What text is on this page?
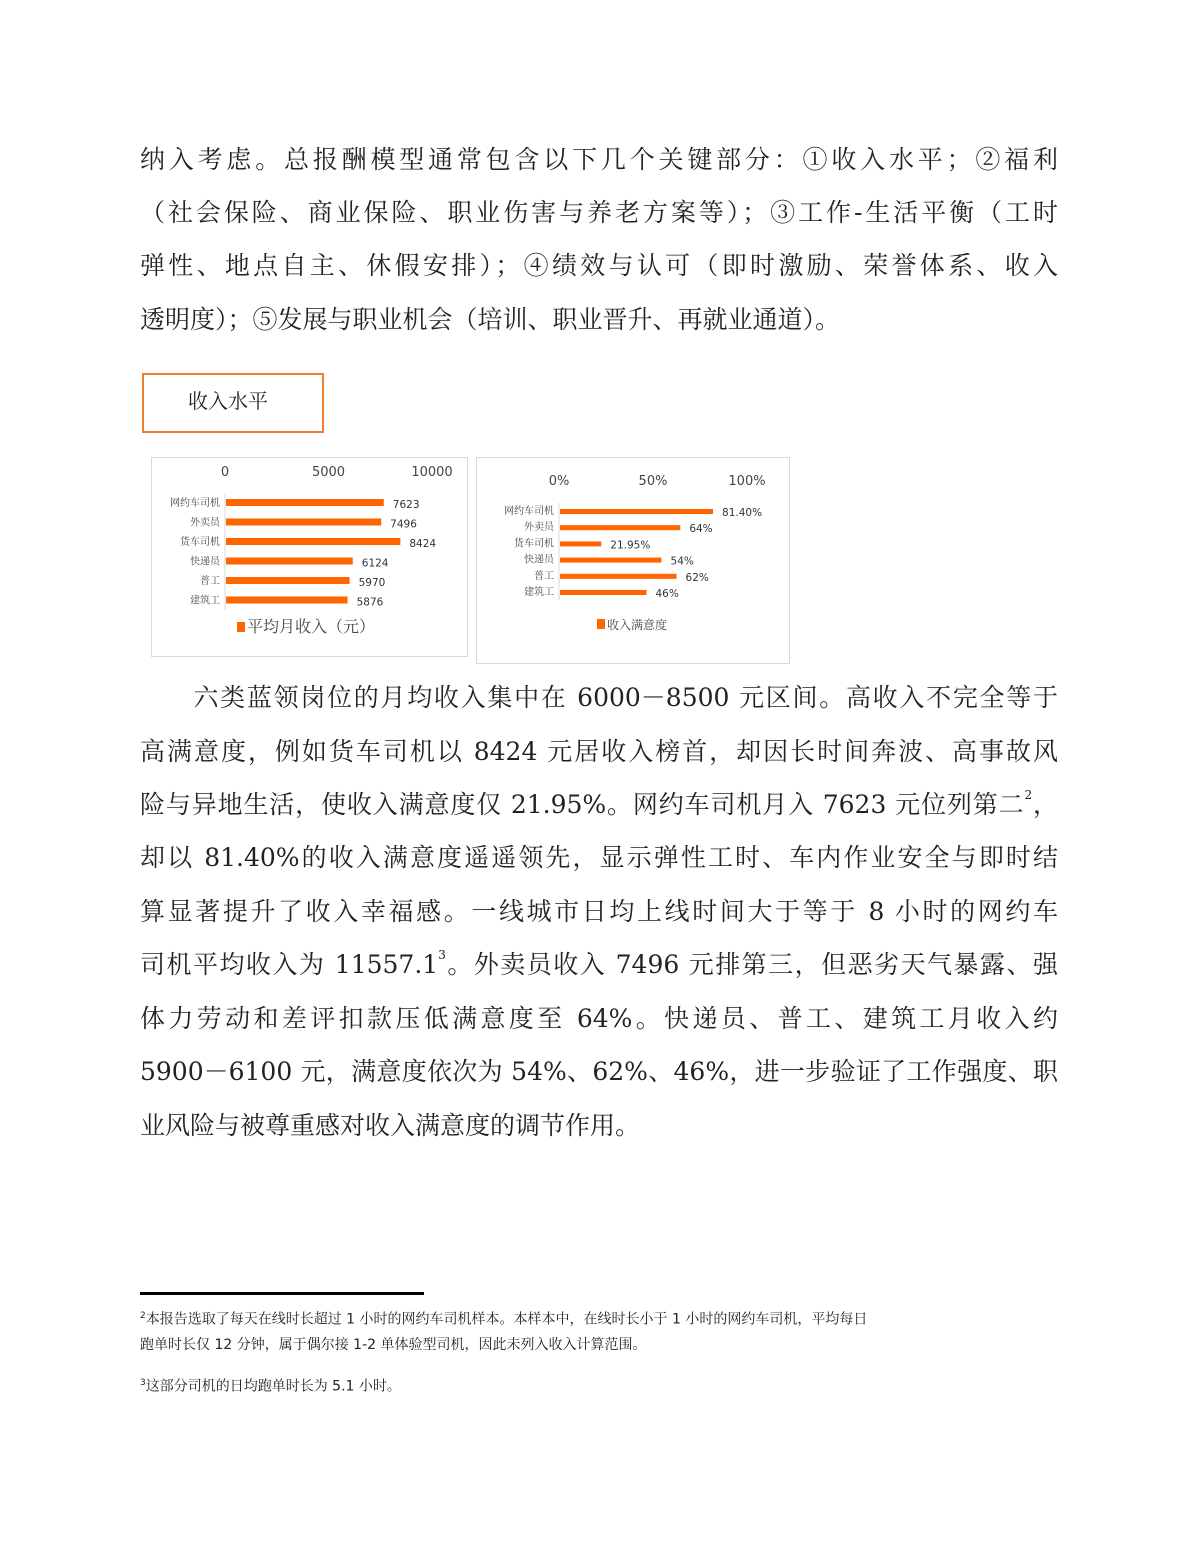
纳入考虑。总报酬模型通常包含以下几个关键部分：①收入水平；②福利
（社会保险、商业保险、职业伤害与养老方案等）；③工作-生活平衡（工时
弹性、地点自主、休假安排）；④绩效与认可（即时激励、荣誉体系、收入
透明度）；⑤发展与职业机会（培训、职业晋升、再就业通道）。
收入水平
0	5000	10000
网约车司机	7623
外卖员	7496
货车司机	8424
快递员	6124
普工	5970
建筑工	5876
平均月收入（元）
0%	50%	100%
网约车司机	81.40%
外卖员	64%
货车司机	21.95%
快递员	54%
普工	62%
建筑工	46%
收入满意度
　　六类蓝领岗位的月均收入集中在 6000－8500 元区间。高收入不完全等于
高满意度，例如货车司机以 8424 元居收入榜首，却因长时间奔波、高事故风
险与异地生活，使收入满意度仅 21.95%。网约车司机月入 7623 元位列第二$^2$，
却以 81.40%的收入满意度遥遥领先，显示弹性工时、车内作业安全与即时结
算显著提升了收入幸福感。一线城市日均上线时间大于等于 8 小时的网约车
司机平均收入为 11557.1$^3$。外卖员收入 7496 元排第三，但恶劣天气暴露、强
体力劳动和差评扣款压低满意度至 64%。快递员、普工、建筑工月收入约
5900－6100 元，满意度依次为 54%、62%、46%，进一步验证了工作强度、职
业风险与被尊重感对收入满意度的调节作用。
$^2$本报告选取了每天在线时长超过 1 小时的网约车司机样本。本样本中，在线时长小于 1 小时的网约车司机，平均每日
跑单时长仅 12 分钟，属于偶尔接 1-2 单体验型司机，因此未列入收入计算范围。
$^3$这部分司机的日均跑单时长为 5.1 小时。
